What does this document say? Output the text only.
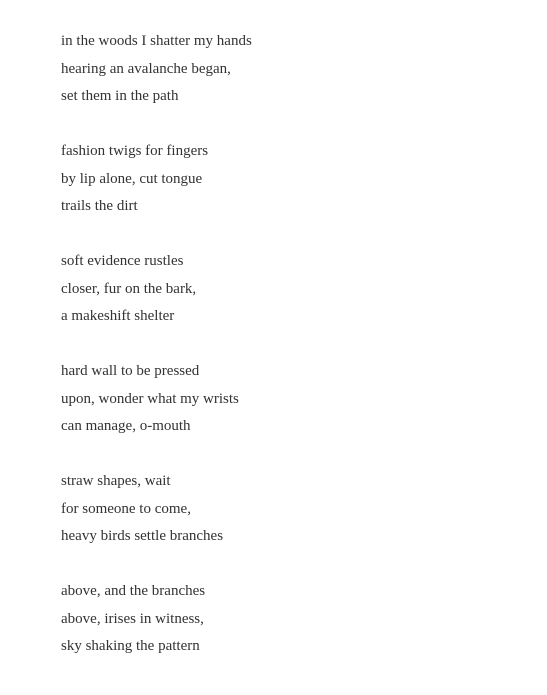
in the woods I shatter my hands
hearing an avalanche began,
set them in the path
fashion twigs for fingers
by lip alone, cut tongue
trails the dirt
soft evidence rustles
closer, fur on the bark,
a makeshift shelter
hard wall to be pressed
upon, wonder what my wrists
can manage, o-mouth
straw shapes, wait
for someone to come,
heavy birds settle branches
above, and the branches
above, irises in witness,
sky shaking the pattern
